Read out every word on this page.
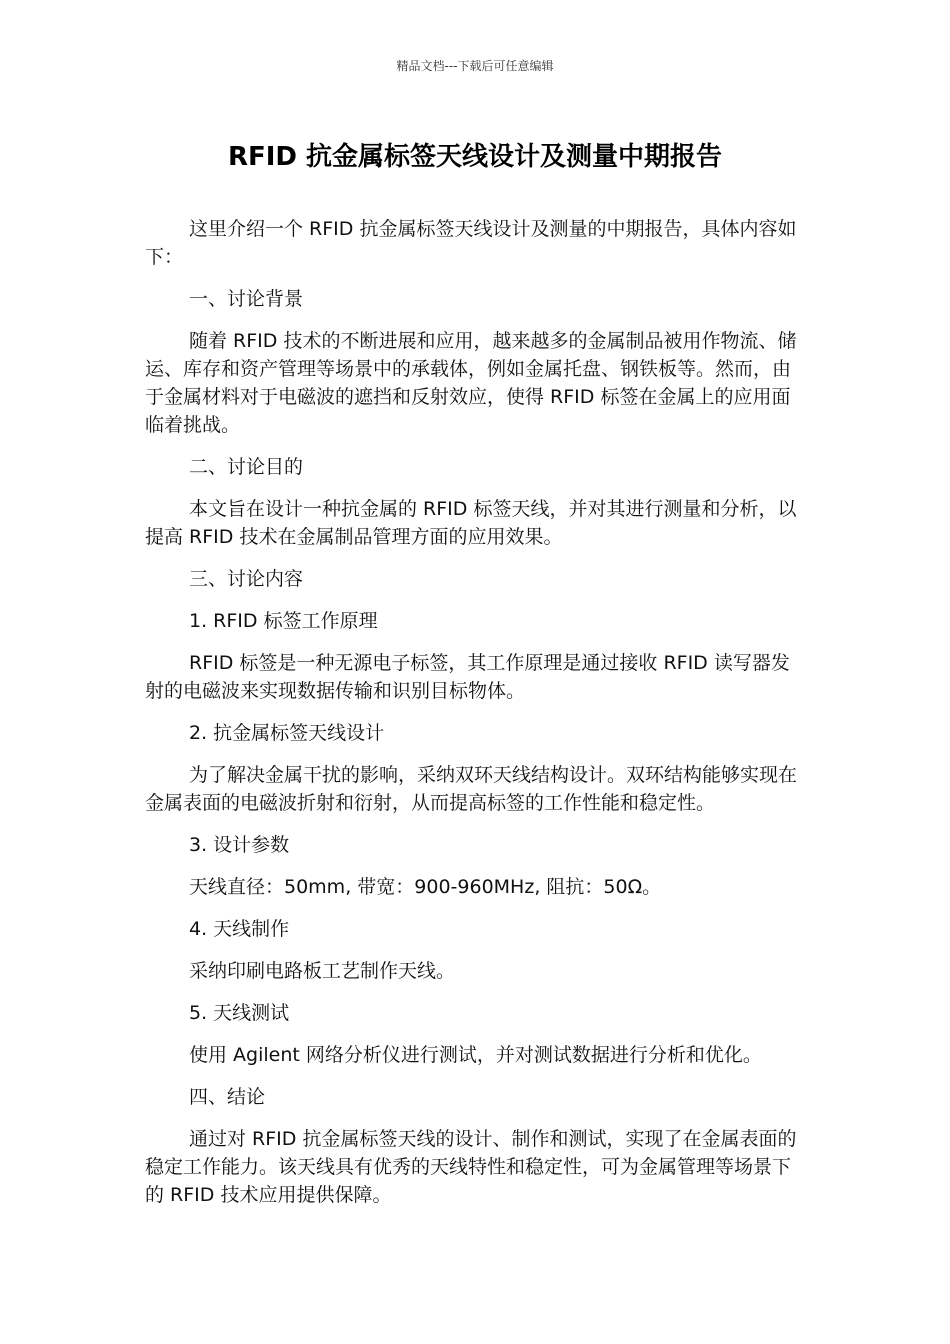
精品文档---下载后可任意编辑
RFID 抗金属标签天线设计及测量中期报告

这里介绍一个 RFID 抗金属标签天线设计及测量的中期报告，具体内容如下：

一、讨论背景

随着 RFID 技术的不断进展和应用，越来越多的金属制品被用作物流、储运、库存和资产管理等场景中的承载体，例如金属托盘、钢铁板等。然而，由于金属材料对于电磁波的遮挡和反射效应，使得 RFID 标签在金属上的应用面临着挑战。

二、讨论目的

本文旨在设计一种抗金属的 RFID 标签天线，并对其进行测量和分析，以提高 RFID 技术在金属制品管理方面的应用效果。

三、讨论内容

1. RFID 标签工作原理

RFID 标签是一种无源电子标签，其工作原理是通过接收 RFID 读写器发射的电磁波来实现数据传输和识别目标物体。

2. 抗金属标签天线设计

为了解决金属干扰的影响，采纳双环天线结构设计。双环结构能够实现在金属表面的电磁波折射和衍射，从而提高标签的工作性能和稳定性。

3. 设计参数

天线直径：50mm, 带宽：900-960MHz, 阻抗：50Ω。

4. 天线制作

采纳印刷电路板工艺制作天线。

5. 天线测试

使用 Agilent 网络分析仪进行测试，并对测试数据进行分析和优化。

四、结论

通过对 RFID 抗金属标签天线的设计、制作和测试，实现了在金属表面的稳定工作能力。该天线具有优秀的天线特性和稳定性，可为金属管理等场景下的 RFID 技术应用提供保障。
